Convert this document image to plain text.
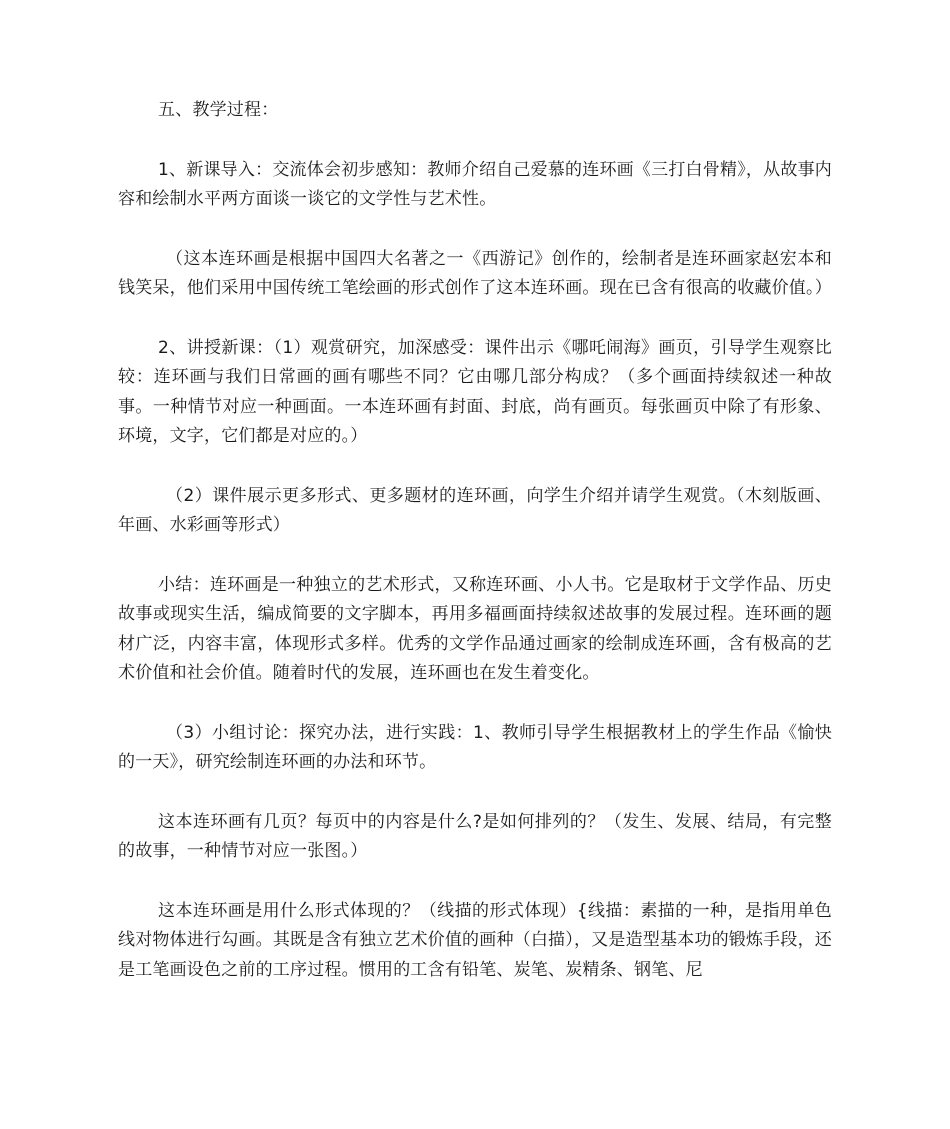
五、教学过程：

1、新课导入：交流体会初步感知：教师介绍自己爱慕的连环画《三打白骨精》，从故事内容和绘制水平两方面谈一谈它的文学性与艺术性。

（这本连环画是根据中国四大名著之一《西游记》创作的，绘制者是连环画家赵宏本和钱笑呆，他们采用中国传统工笔绘画的形式创作了这本连环画。现在已含有很高的收藏价值。）

2、讲授新课：（1）观赏研究，加深感受：课件出示《哪吒闹海》画页，引导学生观察比较：连环画与我们日常画的画有哪些不同？它由哪几部分构成？（多个画面持续叙述一种故事。一种情节对应一种画面。一本连环画有封面、封底，尚有画页。每张画页中除了有形象、环境，文字，它们都是对应的。）

（2）课件展示更多形式、更多题材的连环画，向学生介绍并请学生观赏。（木刻版画、年画、水彩画等形式）

小结：连环画是一种独立的艺术形式，又称连环画、小人书。它是取材于文学作品、历史故事或现实生活，编成简要的文字脚本，再用多福画面持续叙述故事的发展过程。连环画的题材广泛，内容丰富，体现形式多样。优秀的文学作品通过画家的绘制成连环画，含有极高的艺术价值和社会价值。随着时代的发展，连环画也在发生着变化。

（3）小组讨论：探究办法，进行实践：1、教师引导学生根据教材上的学生作品《愉快的一天》，研究绘制连环画的办法和环节。

这本连环画有几页？每页中的内容是什么?是如何排列的？（发生、发展、结局，有完整的故事，一种情节对应一张图。）

这本连环画是用什么形式体现的？（线描的形式体现）{线描：素描的一种，是指用单色线对物体进行勾画。其既是含有独立艺术价值的画种（白描），又是造型基本功的锻炼手段，还是工笔画设色之前的工序过程。惯用的工含有铅笔、炭笔、炭精条、钢笔、尼
